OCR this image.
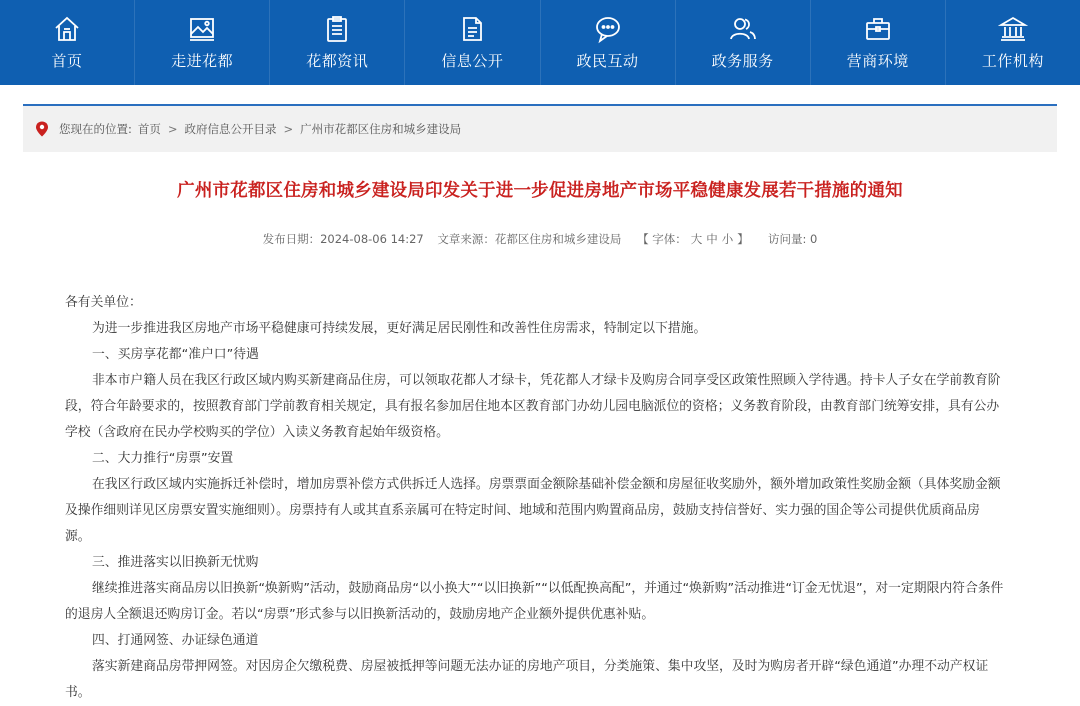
首页	走进花都	花都资讯	信息公开	政民互动	政务服务	营商环境	工作机构
您现在的位置: 首页 > 政府信息公开目录 > 广州市花都区住房和城乡建设局
广州市花都区住房和城乡建设局印发关于进一步促进房地产市场平稳健康发展若干措施的通知
发布日期：2024-08-06 14:27 文章来源：花都区住房和城乡建设局 【 字体： 大 中 小 】 访问量: 0

各有关单位：

为进一步推进我区房地产市场平稳健康可持续发展，更好满足居民刚性和改善性住房需求，特制定以下措施。

一、买房享花都“准户口”待遇

非本市户籍人员在我区行政区域内购买新建商品住房，可以领取花都人才绿卡，凭花都人才绿卡及购房合同享受区政策性照顾入学待遇。持卡人子女在学前教育阶段，符合年龄要求的，按照教育部门学前教育相关规定，具有报名参加居住地本区教育部门办幼儿园电脑派位的资格；义务教育阶段，由教育部门统筹安排，具有公办学校（含政府在民办学校购买的学位）入读义务教育起始年级资格。

二、大力推行“房票”安置

在我区行政区域内实施拆迁补偿时，增加房票补偿方式供拆迁人选择。房票票面金额除基础补偿金额和房屋征收奖励外，额外增加政策性奖励金额（具体奖励金额及操作细则详见区房票安置实施细则）。房票持有人或其直系亲属可在特定时间、地域和范围内购置商品房，鼓励支持信誉好、实力强的国企等公司提供优质商品房源。

三、推进落实以旧换新无忧购

继续推进落实商品房以旧换新“焕新购”活动，鼓励商品房“以小换大”“以旧换新”“以低配换高配”，并通过“焕新购”活动推进“订金无忧退”，对一定期限内符合条件的退房人全额退还购房订金。若以“房票”形式参与以旧换新活动的，鼓励房地产企业额外提供优惠补贴。

四、打通网签、办证绿色通道

落实新建商品房带押网签。对因房企欠缴税费、房屋被抵押等问题无法办证的房地产项目，分类施策、集中攻坚，及时为购房者开辟“绿色通道”办理不动产权证书。
